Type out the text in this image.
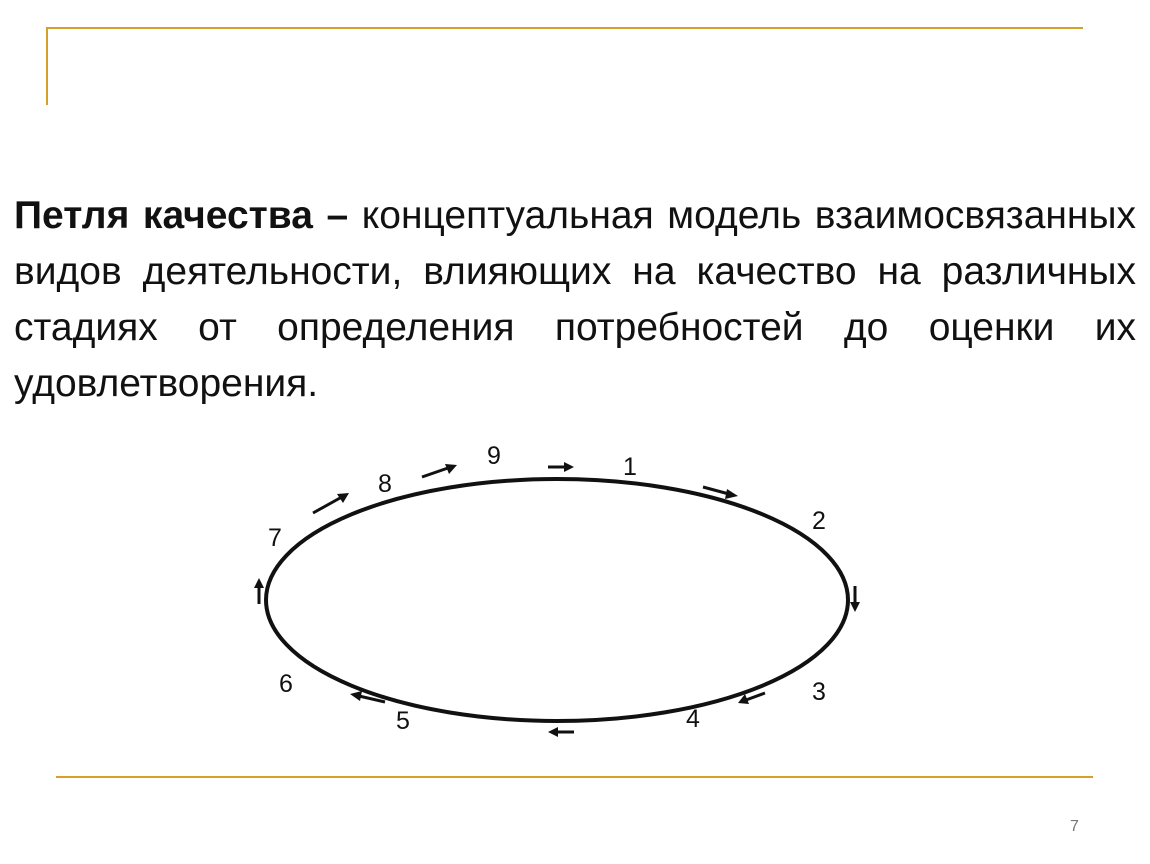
Петля качества – концептуальная модель взаимосвязанных видов деятельности, влияющих на качество на различных стадиях от определения потребностей до оценки их удовлетворения.

1
2
3
4
5
6
7
8
9
7
